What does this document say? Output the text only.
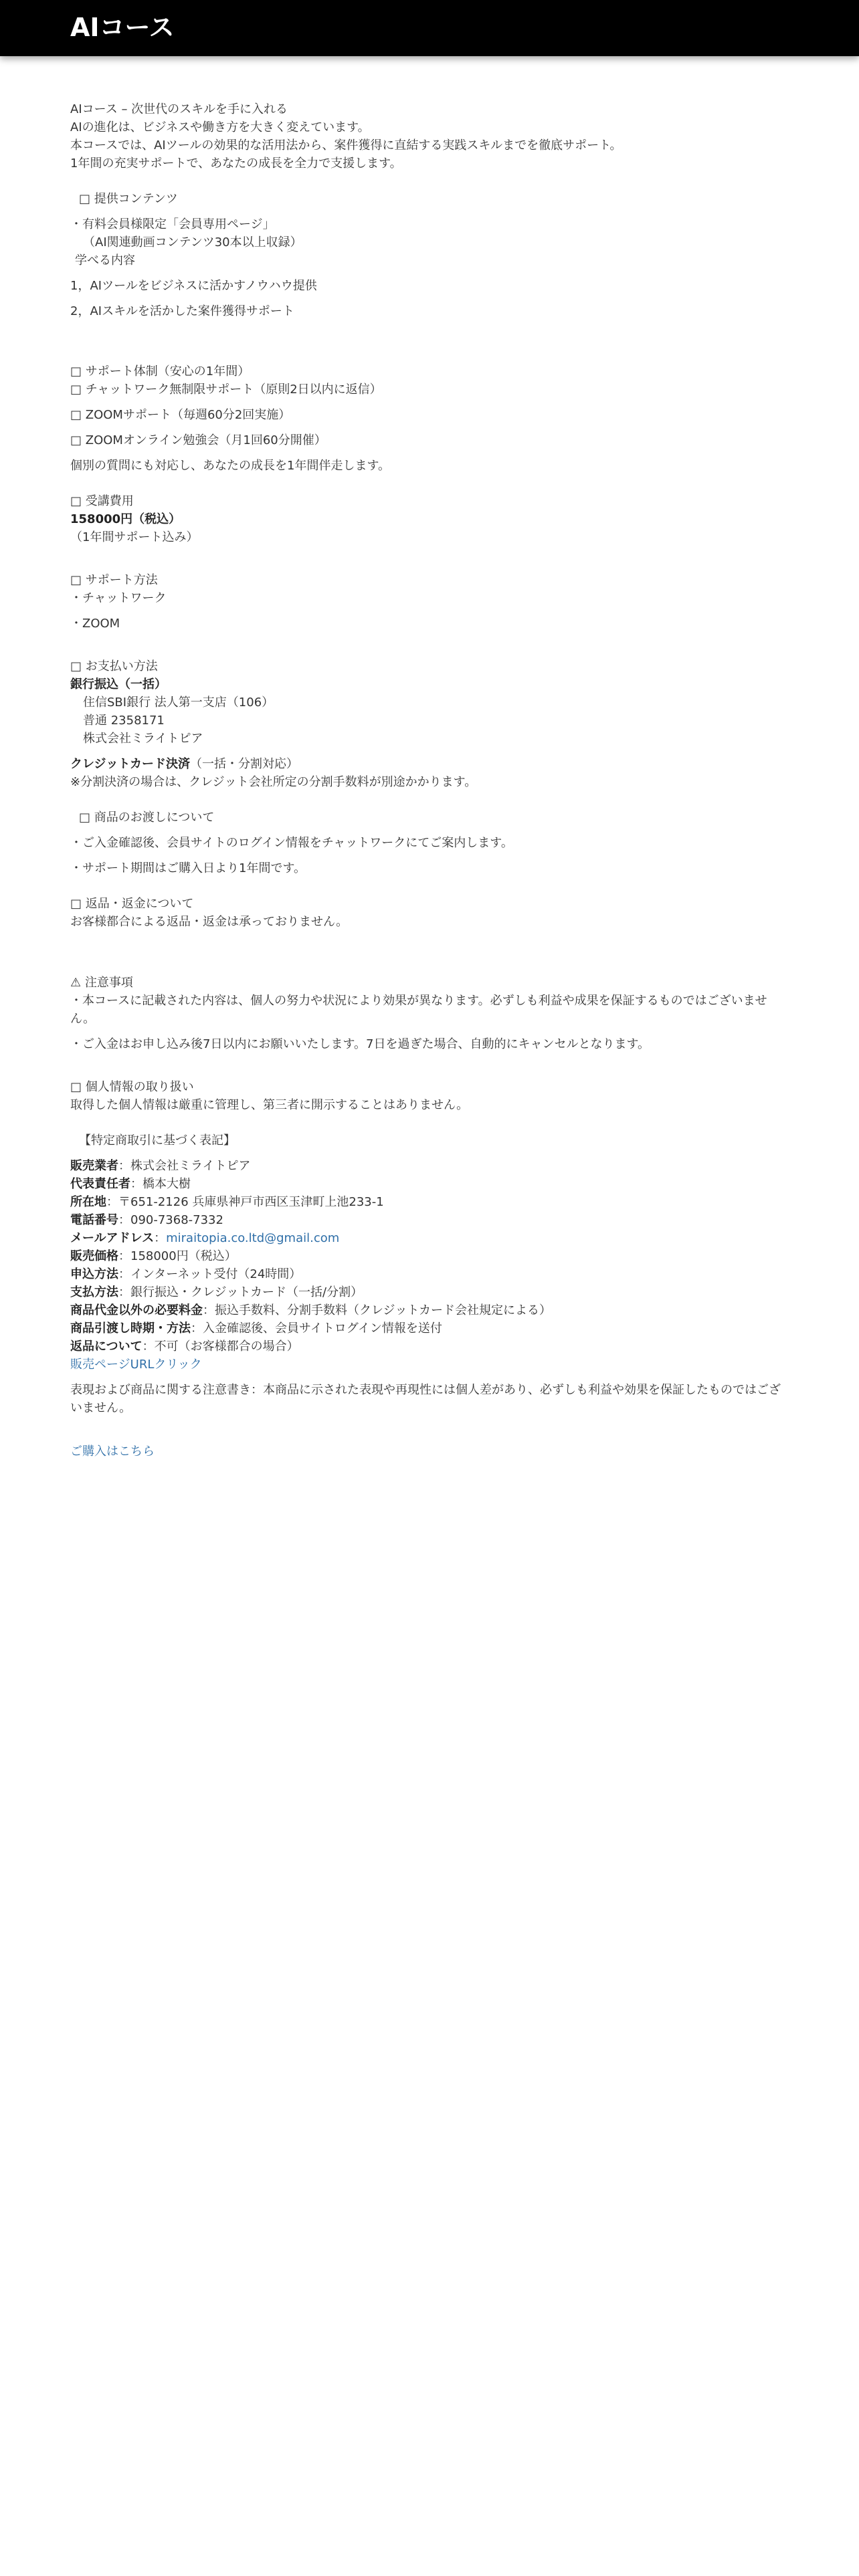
AIコース
AIコース – 次世代のスキルを手に入れる
AIの進化は、ビジネスや働き方を大きく変えています。
本コースでは、AIツールの効果的な活用法から、案件獲得に直結する実践スキルまでを徹底サポート。
1年間の充実サポートで、あなたの成長を全力で支援します。
□ 提供コンテンツ
・有料会員様限定「会員専用ページ」
（AI関連動画コンテンツ30本以上収録）
学べる内容
1，AIツールをビジネスに活かすノウハウ提供
2，AIスキルを活かした案件獲得サポート
□ サポート体制（安心の1年間）
□ チャットワーク無制限サポート（原則2日以内に返信）
□ ZOOMサポート（毎週60分2回実施）
□ ZOOMオンライン勉強会（月1回60分開催）
個別の質問にも対応し、あなたの成長を1年間伴走します。
□ 受講費用
158000円（税込）
（1年間サポート込み）
□ サポート方法
・チャットワーク
・ZOOM
□ お支払い方法
銀行振込（一括）
住信SBI銀行 法人第一支店（106）
普通 2358171
株式会社ミライトピア
クレジットカード決済（一括・分割対応）
※分割決済の場合は、クレジット会社所定の分割手数料が別途かかります。
□ 商品のお渡しについて
・ご入金確認後、会員サイトのログイン情報をチャットワークにてご案内します。
・サポート期間はご購入日より1年間です。
□ 返品・返金について
お客様都合による返品・返金は承っておりません。
⚠ 注意事項
・本コースに記載された内容は、個人の努力や状況により効果が異なります。必ずしも利益や成果を保証するものではございません。
・ご入金はお申し込み後7日以内にお願いいたします。7日を過ぎた場合、自動的にキャンセルとなります。
□ 個人情報の取り扱い
取得した個人情報は厳重に管理し、第三者に開示することはありません。
【特定商取引に基づく表記】
販売業者：株式会社ミライトピア
代表責任者：橋本大樹
所在地：〒651-2126 兵庫県神戸市西区玉津町上池233-1
電話番号：090-7368-7332
メールアドレス：miraitopia.co.ltd@gmail.com
販売価格：158000円（税込）
申込方法：インターネット受付（24時間）
支払方法：銀行振込・クレジットカード（一括/分割）
商品代金以外の必要料金：振込手数料、分割手数料（クレジットカード会社規定による）
商品引渡し時期・方法：入金確認後、会員サイトログイン情報を送付
返品について：不可（お客様都合の場合）
販売ページURLクリック
表現および商品に関する注意書き：本商品に示された表現や再現性には個人差があり、必ずしも利益や効果を保証したものではございません。
ご購入はこちら
